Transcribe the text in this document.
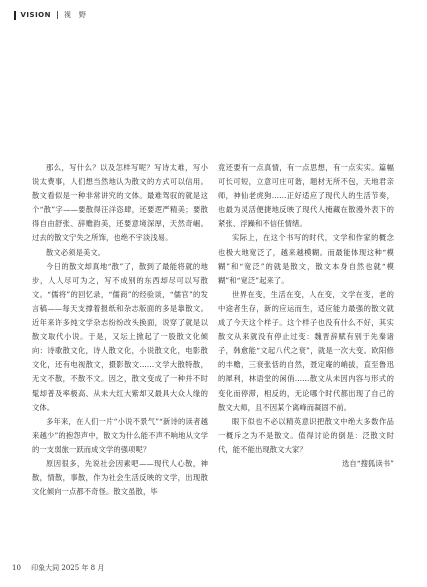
VISION 视　野

那么，写什么？以及怎样写呢？写诗太难，写小说太费事，人们想当然地认为散文的方式可以信用。散文看似是一种非常讲究的文体。最难驾驭的就是这个“散”字——要散得汪洋恣肆，还要逻严精美；要散得自由舒张、辞赡韵美，还要意境深厚，天然奇崛。过去的散文宁失之所饰，也绝不宇淡浅易。

散文必须是美文。

今日的散文却真地“散”了，散到了最能将就的地步，人人尽可为之，写不成别的东西却尽可以写散文。“儒将”的回忆录，“儒商”的经验谈，“儒官”的发言稿——每天支撑着报纸和杂志版面的多是靠散文。近年来许多纯文学杂志纷纷改头换面，说穿了就是以散文取代小说。于是，又坛上掀起了一股散文化倾向：诗歌散文化，诗人散文化，小说散文化，电影散文化，还有电视散文，摄影散文……文学大散特散，无文不散，不散不文。因之，散文变成了一种并不时髦却普及率极高、从未大红大紫却又最具大众人缘的文体。

多年来，在人们一片“小说不景气”“新诗的读者越来越少”的抱怨声中，散文为什么能不声不响地从文学的一支弱旅一跃而成文学的强项呢？

原因很多，先说社会因素吧——现代人心散，神散，情散，事散，作为社会生活反映的文学，出现散文化倾向一点都不奇怪。散文虽散，毕

竟还要有一点真情，有一点思想，有一点实实。篇幅可长可短，立意可庄可谐，题材无所不包，天地君亲师，神仙老虎狗……正好适应了现代人的生活节奏，也最为灵活便捷地反映了现代人掩藏在散漫外表下的紧张、浮躁和不信任情绪。

实际上，在这个书写的时代，文学和作家的概念也极大地宽泛了，越来越模糊。而最能体现这种“模糊”和“宽泛”的就是散文，散文本身自然也就“模糊”和“宽泛”起来了。

世界在变，生活在变，人在变，文学在变，老的中途者生存，新的应运而生，适应能力最强的散文就成了今天这个样子。这个样子也没有什么不好，其实散文从来就没有停止过变：魏晋辞赋有别于先秦诸子，韩愈能“文起八代之衰”，就是一次大变。欧阳修的丰赡，三衰张恬的自然，聂定庵的峭拔，直至鲁迅的犀利，林语堂的闲俏……散文从未因内容与形式的变化而停滞，相反的，无论哪个时代都出现了自己的散文大师，且不因某个离峰而凝固不前。

眼下似也不必以精英意识把散文中绝大多数作品一概斥之为不是散文。值得讨论的倒是：泛散文时代，能不能出现散文大家？

选自“搜狐读书”

10 印象大同 2025 年 8 月
